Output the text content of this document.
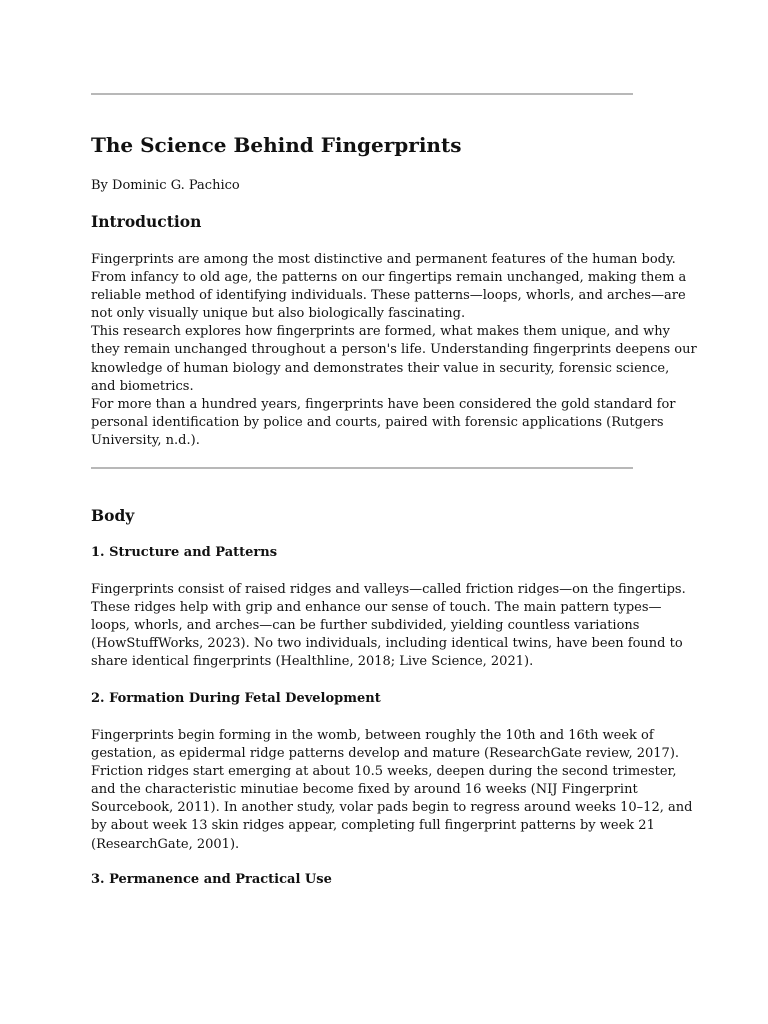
The Science Behind Fingerprints

By Dominic G. Pachico

Introduction
Fingerprints are among the most distinctive and permanent features of the human body.
From infancy to old age, the patterns on our fingertips remain unchanged, making them a
reliable method of identifying individuals. These patterns—loops, whorls, and arches—are
not only visually unique but also biologically fascinating.
This research explores how fingerprints are formed, what makes them unique, and why
they remain unchanged throughout a person's life. Understanding fingerprints deepens our
knowledge of human biology and demonstrates their value in security, forensic science,
and biometrics.
For more than a hundred years, fingerprints have been considered the gold standard for
personal identification by police and courts, paired with forensic applications (Rutgers
University, n.d.).
Body
1. Structure and Patterns
Fingerprints consist of raised ridges and valleys—called friction ridges—on the fingertips.
These ridges help with grip and enhance our sense of touch. The main pattern types—
loops, whorls, and arches—can be further subdivided, yielding countless variations
(HowStuffWorks, 2023). No two individuals, including identical twins, have been found to
share identical fingerprints (Healthline, 2018; Live Science, 2021).
2. Formation During Fetal Development
Fingerprints begin forming in the womb, between roughly the 10th and 16th week of
gestation, as epidermal ridge patterns develop and mature (ResearchGate review, 2017).
Friction ridges start emerging at about 10.5 weeks, deepen during the second trimester,
and the characteristic minutiae become fixed by around 16 weeks (NIJ Fingerprint
Sourcebook, 2011). In another study, volar pads begin to regress around weeks 10–12, and
by about week 13 skin ridges appear, completing full fingerprint patterns by week 21
(ResearchGate, 2001).
3. Permanence and Practical Use
